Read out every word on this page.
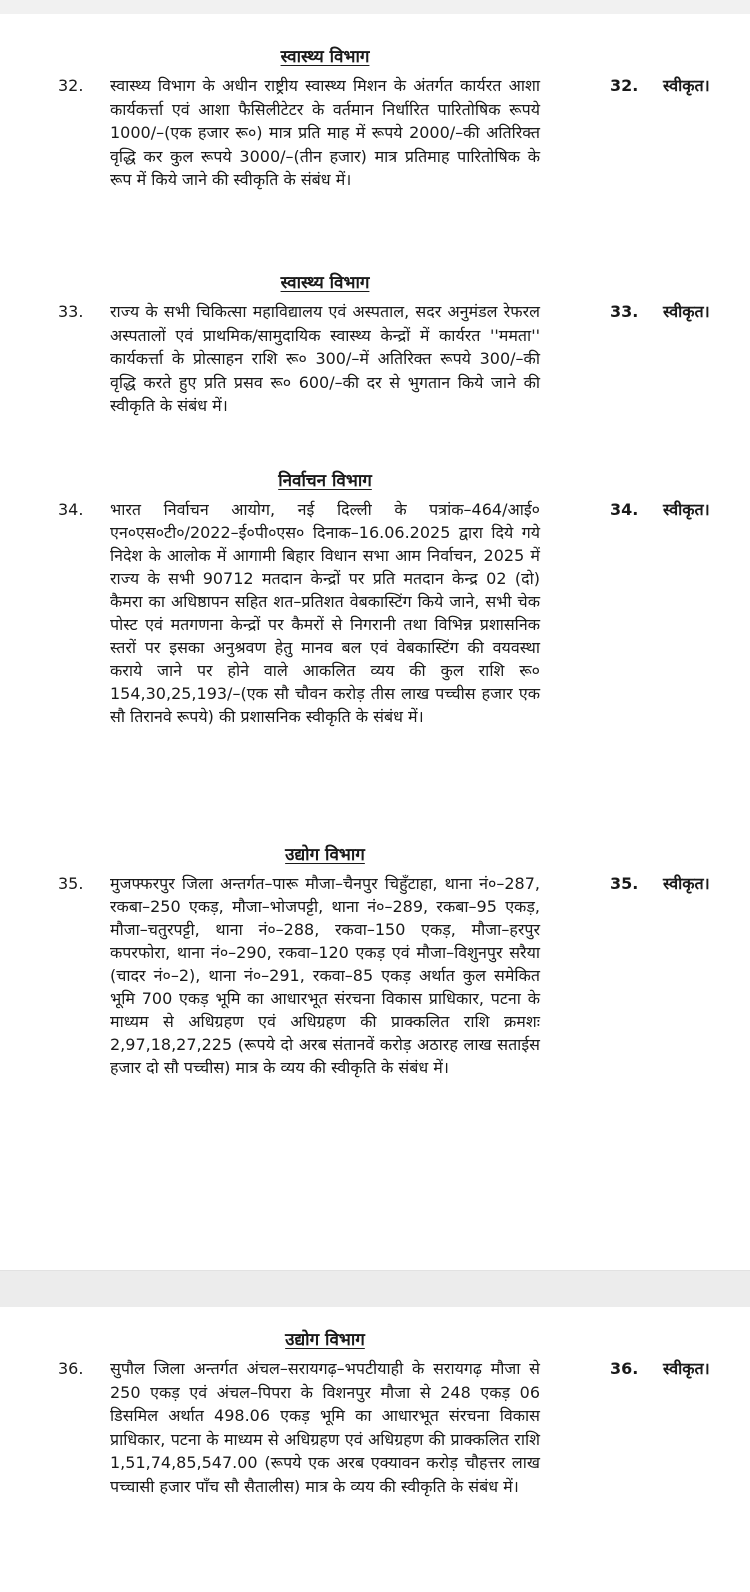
स्वास्थ्य विभाग
32. स्वास्थ्य विभाग के अधीन राष्ट्रीय स्वास्थ्य मिशन के अंतर्गत कार्यरत आशा कार्यकर्त्ता एवं आशा फैसिलीटेटर के वर्तमान निर्धारित पारितोषिक रूपये 1000/–(एक हजार रू०) मात्र प्रति माह में रूपये 2000/–की अतिरिक्त वृद्धि कर कुल रूपये 3000/–(तीन हजार) मात्र प्रतिमाह पारितोषिक के रूप में किये जाने की स्वीकृति के संबंध में।
32. स्वीकृत।
स्वास्थ्य विभाग
33. राज्य के सभी चिकित्सा महाविद्यालय एवं अस्पताल, सदर अनुमंडल रेफरल अस्पतालों एवं प्राथमिक/सामुदायिक स्वास्थ्य केन्द्रों में कार्यरत ''ममता'' कार्यकर्त्ता के प्रोत्साहन राशि रू० 300/–में अतिरिक्त रूपये 300/–की वृद्धि करते हुए प्रति प्रसव रू० 600/–की दर से भुगतान किये जाने की स्वीकृति के संबंध में।
33. स्वीकृत।
निर्वाचन विभाग
34. भारत निर्वाचन आयोग, नई दिल्ली के पत्रांक–464/आई० एन०एस०टी०/2022–ई०पी०एस० दिनाक–16.06.2025 द्वारा दिये गये निदेश के आलोक में आगामी बिहार विधान सभा आम निर्वाचन, 2025 में राज्य के सभी 90712 मतदान केन्द्रों पर प्रति मतदान केन्द्र 02 (दो) कैमरा का अधिष्ठापन सहित शत–प्रतिशत वेबकास्टिंग किये जाने, सभी चेक पोस्ट एवं मतगणना केन्द्रों पर कैमरों से निगरानी तथा विभिन्न प्रशासनिक स्तरों पर इसका अनुश्रवण हेतु मानव बल एवं वेबकास्टिंग की वयवस्था कराये जाने पर होने वाले आकलित व्यय की कुल राशि रू० 154,30,25,193/–(एक सौ चौवन करोड़ तीस लाख पच्चीस हजार एक सौ तिरानवे रूपये) की प्रशासनिक स्वीकृति के संबंध में।
34. स्वीकृत।
उद्योग विभाग
35. मुजफ्फरपुर जिला अन्तर्गत–पारू मौजा–चैनपुर चिहुँटाहा, थाना नं०–287, रकबा–250 एकड़, मौजा–भोजपट्टी, थाना नं०–289, रकबा–95 एकड़, मौजा–चतुरपट्टी, थाना नं०–288, रकवा–150 एकड़, मौजा–हरपुर कपरफोरा, थाना नं०–290, रकवा–120 एकड़ एवं मौजा–विशुनपुर सरैया (चादर नं०–2), थाना नं०–291, रकवा–85 एकड़ अर्थात कुल समेकित भूमि 700 एकड़ भूमि का आधारभूत संरचना विकास प्राधिकार, पटना के माध्यम से अधिग्रहण एवं अधिग्रहण की प्राक्कलित राशि क्रमशः 2,97,18,27,225 (रूपये दो अरब संतानवें करोड़ अठारह लाख सताईस हजार दो सौ पच्चीस) मात्र के व्यय की स्वीकृति के संबंध में।
35. स्वीकृत।
उद्योग विभाग
36. सुपौल जिला अन्तर्गत अंचल–सरायगढ़–भपटीयाही के सरायगढ़ मौजा से 250 एकड़ एवं अंचल–पिपरा के विशनपुर मौजा से 248 एकड़ 06 डिसमिल अर्थात 498.06 एकड़ भूमि का आधारभूत संरचना विकास प्राधिकार, पटना के माध्यम से अधिग्रहण एवं अधिग्रहण की प्राक्कलित राशि 1,51,74,85,547.00 (रूपये एक अरब एक्यावन करोड़ चौहत्तर लाख पच्चासी हजार पाँच सौ सैतालीस) मात्र के व्यय की स्वीकृति के संबंध में।
36. स्वीकृत।
